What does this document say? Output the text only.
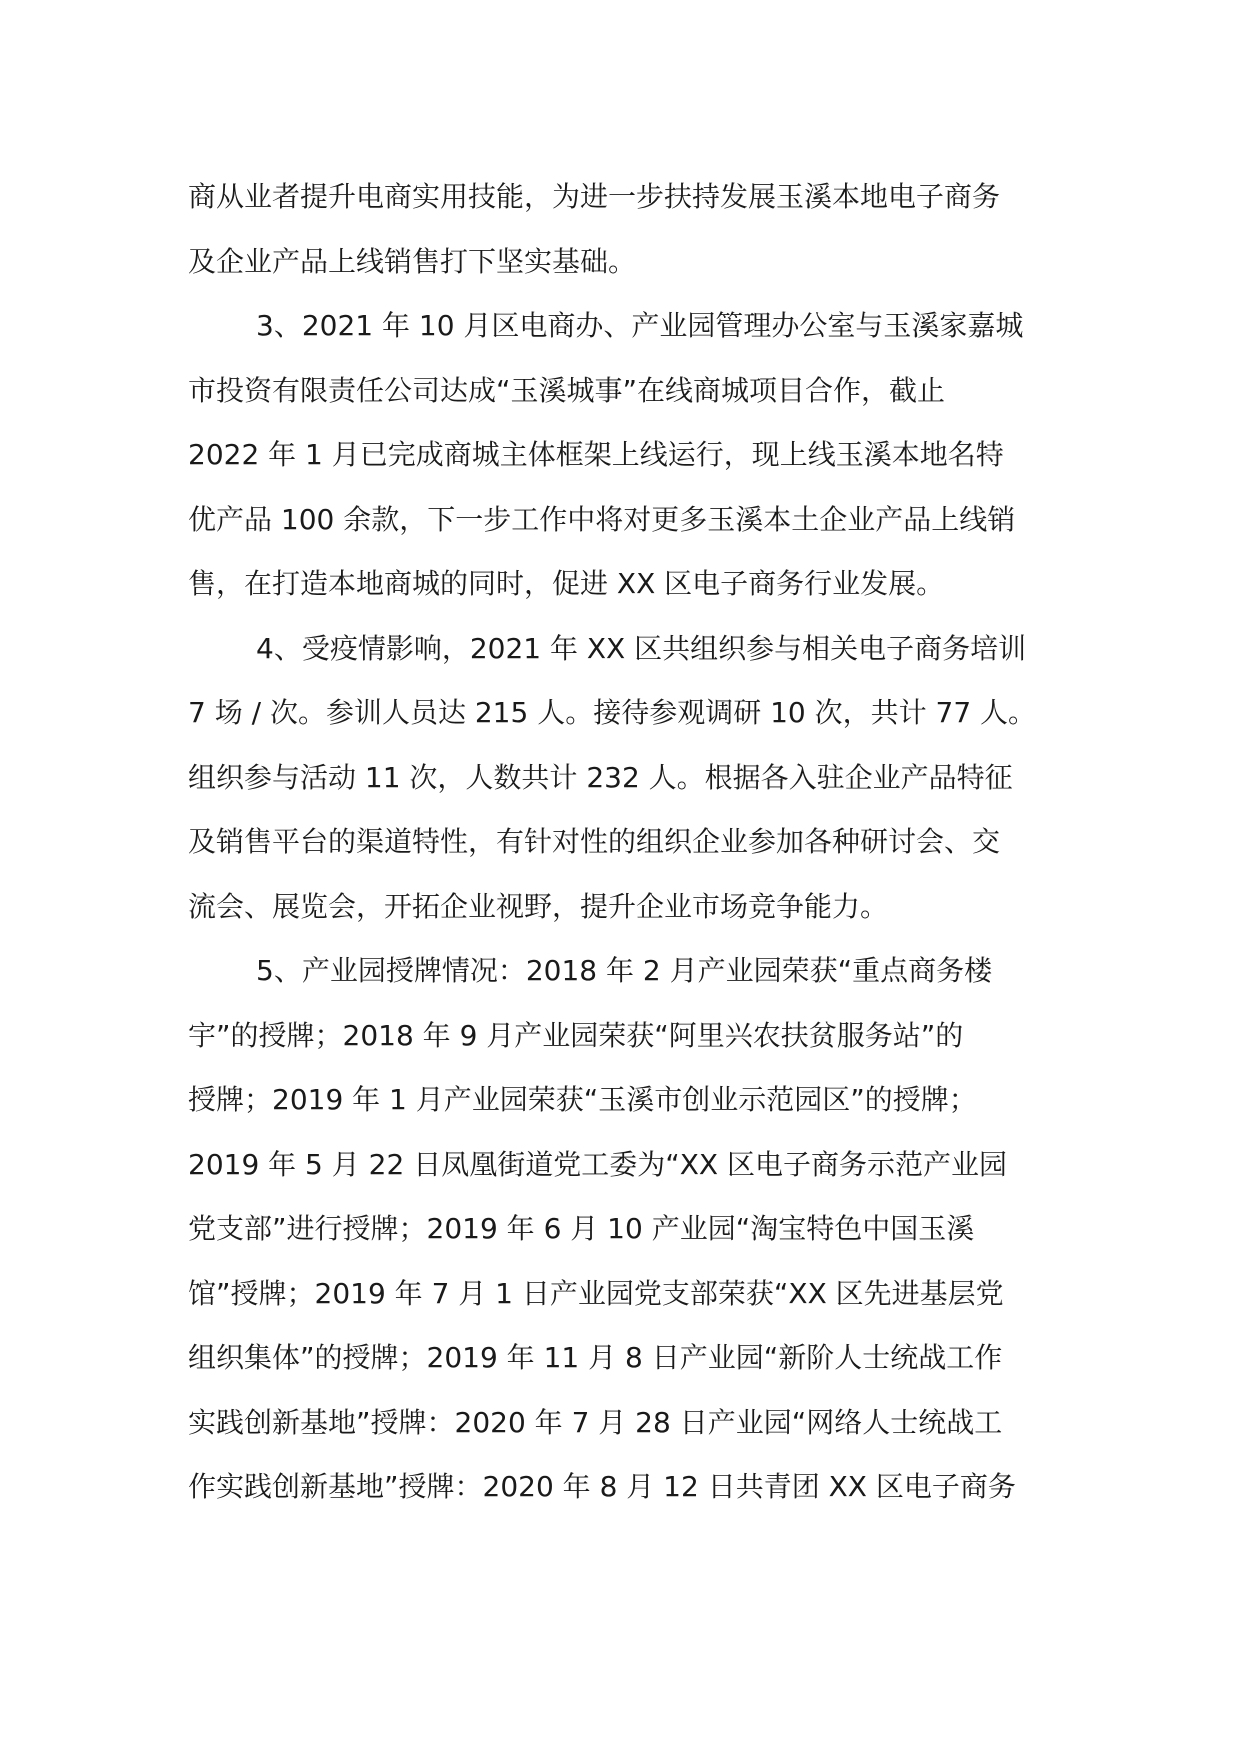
商从业者提升电商实用技能，为进一步扶持发展玉溪本地电子商务
及企业产品上线销售打下坚实基础。
3、2021 年 10 月区电商办、产业园管理办公室与玉溪家嘉城
市投资有限责任公司达成“玉溪城事”在线商城项目合作，截止
2022 年 1 月已完成商城主体框架上线运行，现上线玉溪本地名特
优产品 100 余款，下一步工作中将对更多玉溪本土企业产品上线销
售，在打造本地商城的同时，促进 XX 区电子商务行业发展。
4、受疫情影响，2021 年 XX 区共组织参与相关电子商务培训
7 场 / 次。参训人员达 215 人。接待参观调研 10 次，共计 77 人。
组织参与活动 11 次，人数共计 232 人。根据各入驻企业产品特征
及销售平台的渠道特性，有针对性的组织企业参加各种研讨会、交
流会、展览会，开拓企业视野，提升企业市场竞争能力。
5、产业园授牌情况：2018 年 2 月产业园荣获“重点商务楼
宇”的授牌；2018 年 9 月产业园荣获“阿里兴农扶贫服务站”的
授牌；2019 年 1 月产业园荣获“玉溪市创业示范园区”的授牌；
2019 年 5 月 22 日凤凰街道党工委为“XX 区电子商务示范产业园
党支部”进行授牌；2019 年 6 月 10 产业园“淘宝特色中国玉溪
馆”授牌；2019 年 7 月 1 日产业园党支部荣获“XX 区先进基层党
组织集体”的授牌；2019 年 11 月 8 日产业园“新阶人士统战工作
实践创新基地”授牌：2020 年 7 月 28 日产业园“网络人士统战工
作实践创新基地”授牌：2020 年 8 月 12 日共青团 XX 区电子商务
